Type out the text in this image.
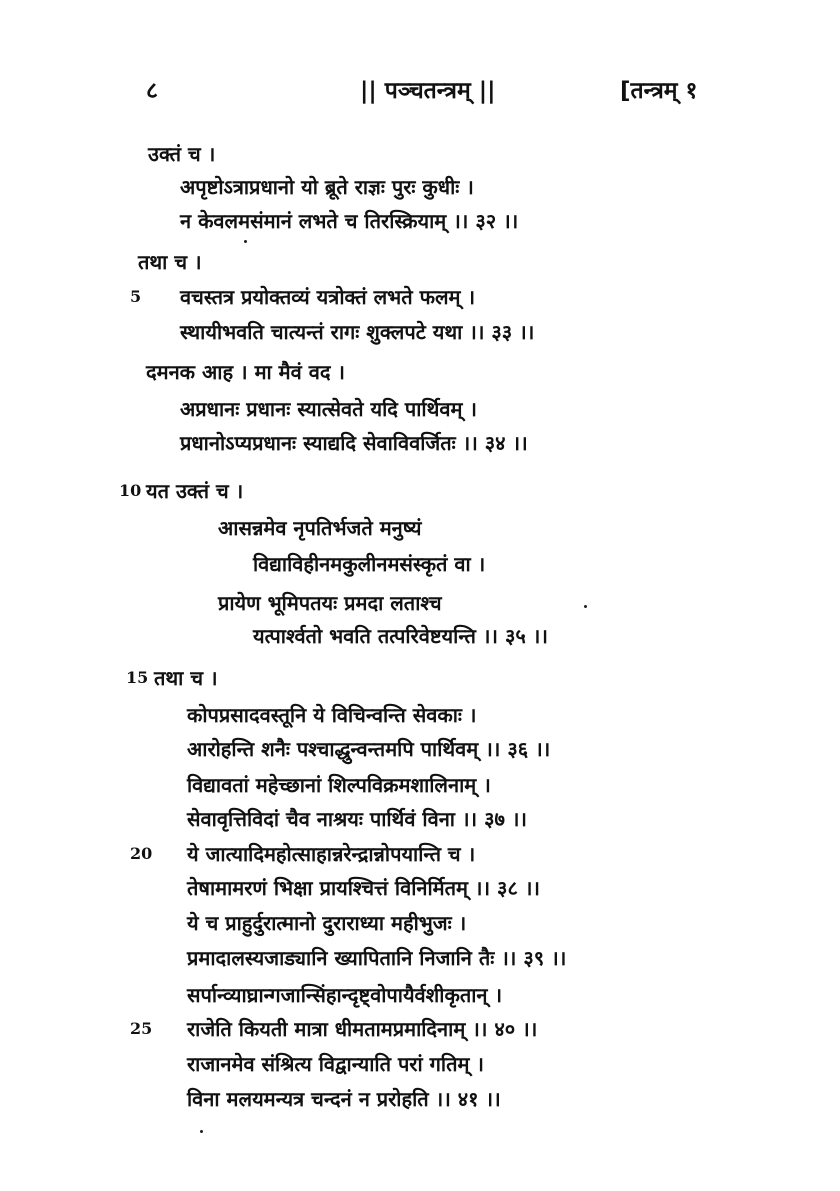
८	|| पञ्चतन्त्रम् ||	[तन्त्रम् १
उक्तं च ।
अपृष्टोऽत्राप्रधानो यो ब्रूते राज्ञः पुरः कुधीः ।
न केवलमसंमानं लभते च तिरस्क्रियाम् ।। ३२ ।।
तथा च ।
5 वचस्तत्र प्रयोक्तव्यं यत्रोक्तं लभते फलम् ।
स्थायीभवति चात्यन्तं रागः शुक्लपटे यथा ।। ३३ ।।
दमनक आह । मा मैवं वद ।
अप्रधानः प्रधानः स्यात्सेवते यदि पार्थिवम् ।
प्रधानोऽप्यप्रधानः स्याद्यदि सेवाविवर्जितः ।। ३४ ।।
10 यत उक्तं च ।
आसन्नमेव नृपतिर्भजते मनुष्यं
विद्याविहीनमकुलीनमसंस्कृतं वा ।
प्रायेण भूमिपतयः प्रमदा लताश्च
यत्पार्श्वतो भवति तत्परिवेष्टयन्ति ।। ३५ ।।
15 तथा च ।
कोपप्रसादवस्तूनि ये विचिन्वन्ति सेवकाः ।
आरोहन्ति शनैः पश्चाद्धुन्वन्तमपि पार्थिवम् ।। ३६ ।।
विद्यावतां महेच्छानां शिल्पविक्रमशालिनाम् ।
सेवावृत्तिविदां चैव नाश्रयः पार्थिवं विना ।। ३७ ।।
20 ये जात्यादिमहोत्साहान्नरेन्द्रान्नोपयान्ति च ।
तेषामामरणं भिक्षा प्रायश्चित्तं विनिर्मितम् ।। ३८ ।।
ये च प्राहुर्दुरात्मानो दुराराध्या महीभुजः ।
प्रमादालस्यजाड्यानि ख्यापितानि निजानि तैः ।। ३९ ।।
सर्पान्व्याघ्रान्गजान्सिंहान्दृष्ट्वोपायैर्वशीकृतान् ।
25 राजेति कियती मात्रा धीमतामप्रमादिनाम् ।। ४० ।।
राजानमेव संश्रित्य विद्वान्याति परां गतिम् ।
विना मलयमन्यत्र चन्दनं न प्ररोहति ।। ४१ ।।
